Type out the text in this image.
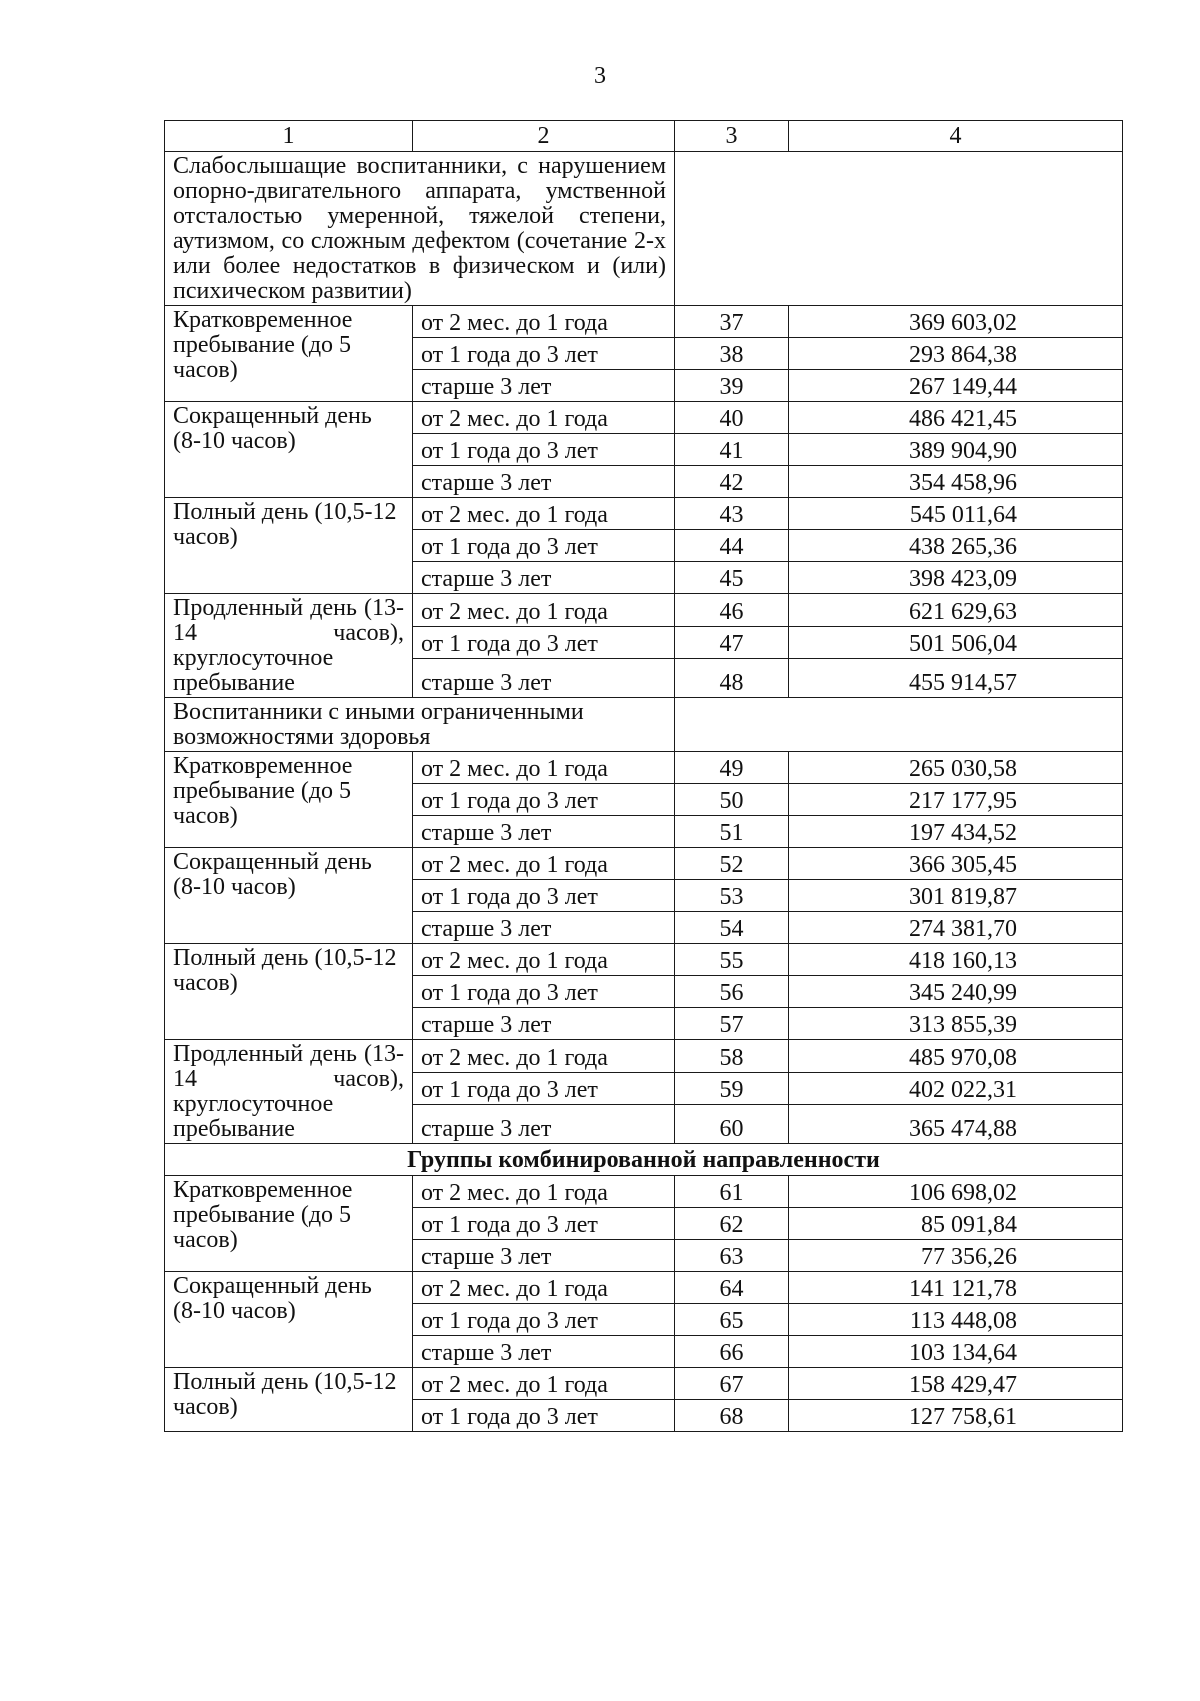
3
1	2	3	4
Слабослышащие воспитанники, с нарушением опорно-двигательного аппарата, умственной отсталостью умеренной, тяжелой степени, аутизмом, со сложным дефектом (сочетание 2-х или более недостатков в физическом и (или) психическом развитии)			
Кратковременное пребывание (до 5 часов)	от 2 мес. до 1 года	37	369 603,02
	от 1 года до 3 лет	38	293 864,38
	старше 3 лет	39	267 149,44
Сокращенный день (8-10 часов)	от 2 мес. до 1 года	40	486 421,45
	от 1 года до 3 лет	41	389 904,90
	старше 3 лет	42	354 458,96
Полный день (10,5-12 часов)	от 2 мес. до 1 года	43	545 011,64
	от 1 года до 3 лет	44	438 265,36
	старше 3 лет	45	398 423,09
Продленный день (13-14 часов), круглосуточное пребывание	от 2 мес. до 1 года	46	621 629,63
	от 1 года до 3 лет	47	501 506,04
	старше 3 лет	48	455 914,57
Воспитанники с иными ограниченными возможностями здоровья			
Кратковременное пребывание (до 5 часов)	от 2 мес. до 1 года	49	265 030,58
	от 1 года до 3 лет	50	217 177,95
	старше 3 лет	51	197 434,52
Сокращенный день (8-10 часов)	от 2 мес. до 1 года	52	366 305,45
	от 1 года до 3 лет	53	301 819,87
	старше 3 лет	54	274 381,70
Полный день (10,5-12 часов)	от 2 мес. до 1 года	55	418 160,13
	от 1 года до 3 лет	56	345 240,99
	старше 3 лет	57	313 855,39
Продленный день (13-14 часов), круглосуточное пребывание	от 2 мес. до 1 года	58	485 970,08
	от 1 года до 3 лет	59	402 022,31
	старше 3 лет	60	365 474,88
Группы комбинированной направленности			
Кратковременное пребывание (до 5 часов)	от 2 мес. до 1 года	61	106 698,02
	от 1 года до 3 лет	62	85 091,84
	старше 3 лет	63	77 356,26
Сокращенный день (8-10 часов)	от 2 мес. до 1 года	64	141 121,78
	от 1 года до 3 лет	65	113 448,08
	старше 3 лет	66	103 134,64
Полный день (10,5-12 часов)	от 2 мес. до 1 года	67	158 429,47
	от 1 года до 3 лет	68	127 758,61
